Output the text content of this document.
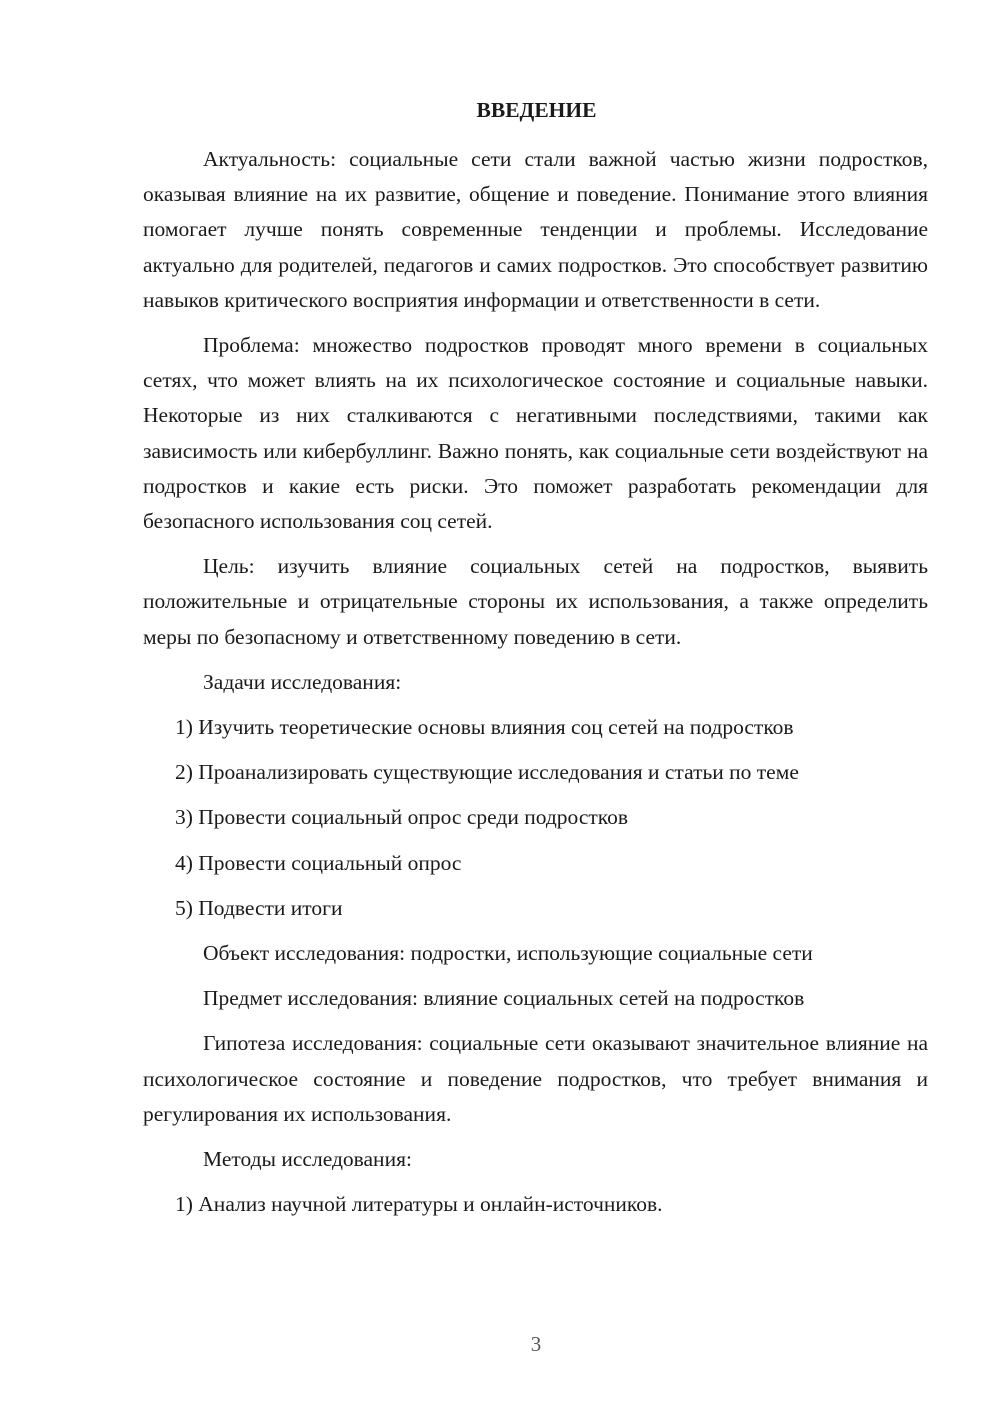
ВВЕДЕНИЕ

Актуальность: социальные сети стали важной частью жизни подростков, оказывая влияние на их развитие, общение и поведение. Понимание этого влияния помогает лучше понять современные тенденции и проблемы. Исследование актуально для родителей, педагогов и самих подростков. Это способствует развитию навыков критического восприятия информации и ответственности в сети.

Проблема: множество подростков проводят много времени в социальных сетях, что может влиять на их психологическое состояние и социальные навыки. Некоторые из них сталкиваются с негативными последствиями, такими как зависимость или кибербуллинг. Важно понять, как социальные сети воздействуют на подростков и какие есть риски. Это поможет разработать рекомендации для безопасного использования соц сетей.

Цель: изучить влияние социальных сетей на подростков, выявить положительные и отрицательные стороны их использования, а также определить меры по безопасному и ответственному поведению в сети.

Задачи исследования:

1) Изучить теоретические основы влияния соц сетей на подростков

2) Проанализировать существующие исследования и статьи по теме

3) Провести социальный опрос среди подростков

4) Провести социальный опрос

5) Подвести итоги

Объект исследования: подростки, использующие социальные сети

Предмет исследования: влияние социальных сетей на подростков

Гипотеза исследования: социальные сети оказывают значительное влияние на психологическое состояние и поведение подростков, что требует внимания и регулирования их использования.

Методы исследования:

1) Анализ научной литературы и онлайн-источников.

3
